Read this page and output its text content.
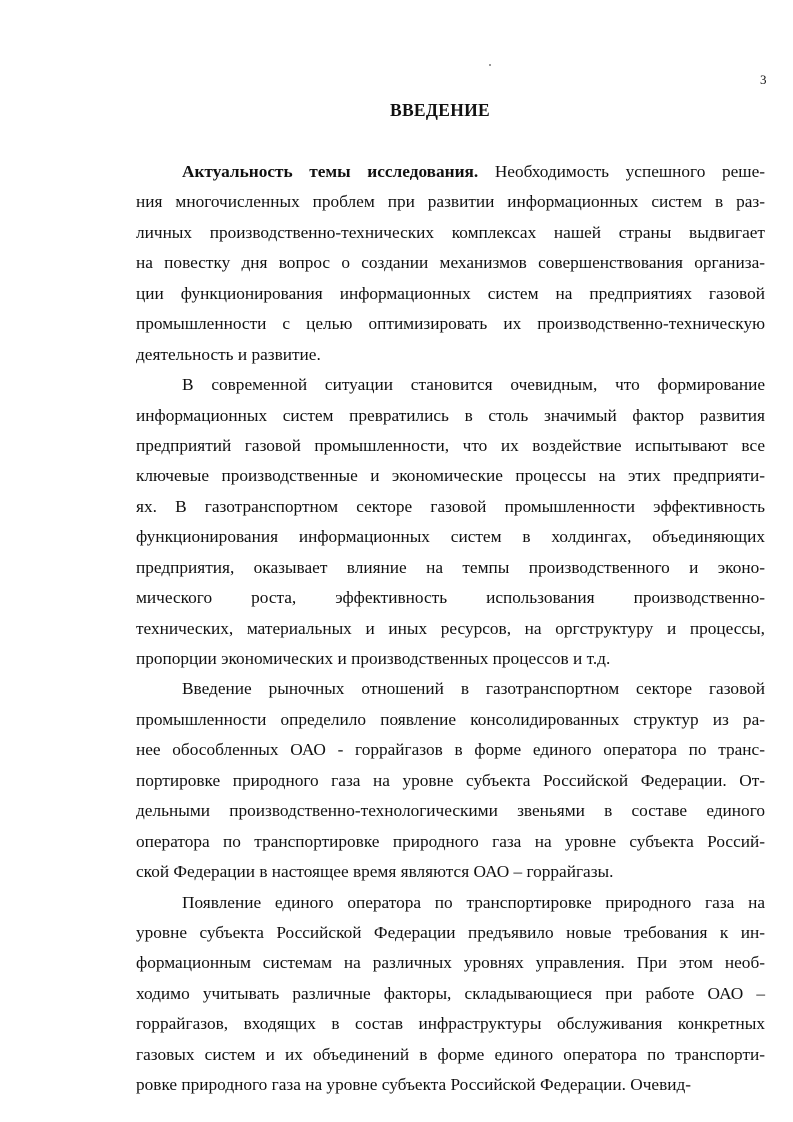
3
ВВЕДЕНИЕ
Актуальность темы исследования. Необходимость успешного реше-
ния многочисленных проблем при развитии информационных систем в раз-
личных производственно-технических комплексах нашей страны выдвигает
на повестку дня вопрос о создании механизмов совершенствования организа-
ции функционирования информационных систем на предприятиях газовой
промышленности с целью оптимизировать их производственно-техническую
деятельность и развитие.
В современной ситуации становится очевидным, что формирование
информационных систем превратились в столь значимый фактор развития
предприятий газовой промышленности, что их воздействие испытывают все
ключевые производственные и экономические процессы на этих предприяти-
ях. В газотранспортном секторе газовой промышленности эффективность
функционирования информационных систем в холдингах, объединяющих
предприятия, оказывает влияние на темпы производственного и эконо-
мического роста, эффективность использования производственно-
технических, материальных и иных ресурсов, на оргструктуру и процессы,
пропорции экономических и производственных процессов и т.д.
Введение рыночных отношений в газотранспортном секторе газовой
промышленности определило появление консолидированных структур из ра-
нее обособленных ОАО - горрайгазов в форме единого оператора по транс-
портировке природного газа на уровне субъекта Российской Федерации. От-
дельными производственно-технологическими звеньями в составе единого
оператора по транспортировке природного газа на уровне субъекта Россий-
ской Федерации в настоящее время являются ОАО – горрайгазы.
Появление единого оператора по транспортировке природного газа на
уровне субъекта Российской Федерации предъявило новые требования к ин-
формационным системам на различных уровнях управления. При этом необ-
ходимо учитывать различные факторы, складывающиеся при работе ОАО –
горрайгазов, входящих в состав инфраструктуры обслуживания конкретных
газовых систем и их объединений в форме единого оператора по транспорти-
ровке природного газа на уровне субъекта Российской Федерации. Очевид-
